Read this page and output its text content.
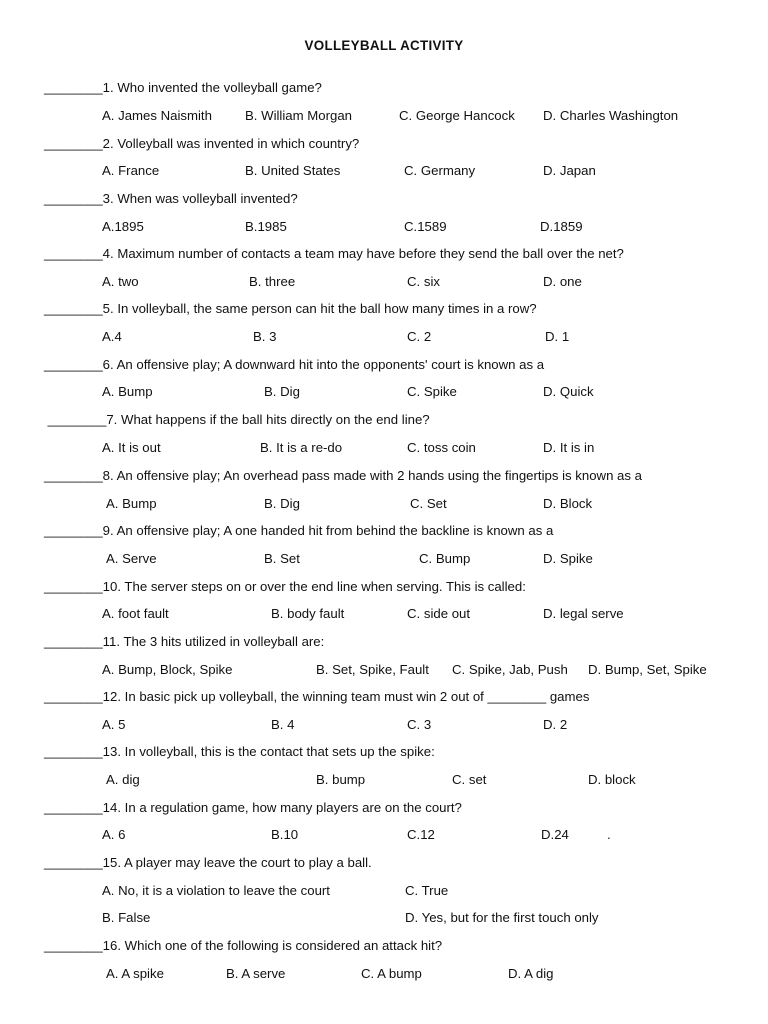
VOLLEYBALL ACTIVITY
________1. Who invented the volleyball game?
A. James Naismith	B. William Morgan	C. George Hancock D. Charles Washington
________2. Volleyball was invented in which country?
A. France	B. United States	C. Germany	D. Japan
________3. When was volleyball invented?
A.1895	B.1985	C.1589	D.1859
________4. Maximum number of contacts a team may have before they send the ball over the net?
A. two	B. three	C. six	D. one
________5. In volleyball, the same person can hit the ball how many times in a row?
A.4	B. 3	C. 2	D. 1
________6. An offensive play; A downward hit into the opponents' court is known as a
A. Bump	B. Dig	C. Spike	D. Quick
________7. What happens if the ball hits directly on the end line?
A. It is out	B. It is a re-do	C. toss coin	D. It is in
________8. An offensive play; An overhead pass made with 2 hands using the fingertips is known as a
A. Bump	B. Dig	C. Set	D. Block
________9. An offensive play; A one handed hit from behind the backline is known as a
A. Serve	B. Set	C. Bump	D. Spike
________10. The server steps on or over the end line when serving. This is called:
A. foot fault	B. body fault	C. side out	D. legal serve
________11. The 3 hits utilized in volleyball are:
A. Bump, Block, Spike	B. Set, Spike, Fault C. Spike, Jab, Push D. Bump, Set, Spike
________12. In basic pick up volleyball, the winning team must win 2 out of ________ games
A. 5	B. 4	C. 3	D. 2
________13. In volleyball, this is the contact that sets up the spike:
A. dig	B. bump	C. set	D. block
________14. In a regulation game, how many players are on the court?
A. 6	B.10	C.12	D.24	.
________15. A player may leave the court to play a ball.
A. No, it is a violation to leave the court	C. True
B. False	D. Yes, but for the first touch only
________16. Which one of the following is considered an attack hit?
A. A spike	B. A serve	C. A bump	D. A dig
